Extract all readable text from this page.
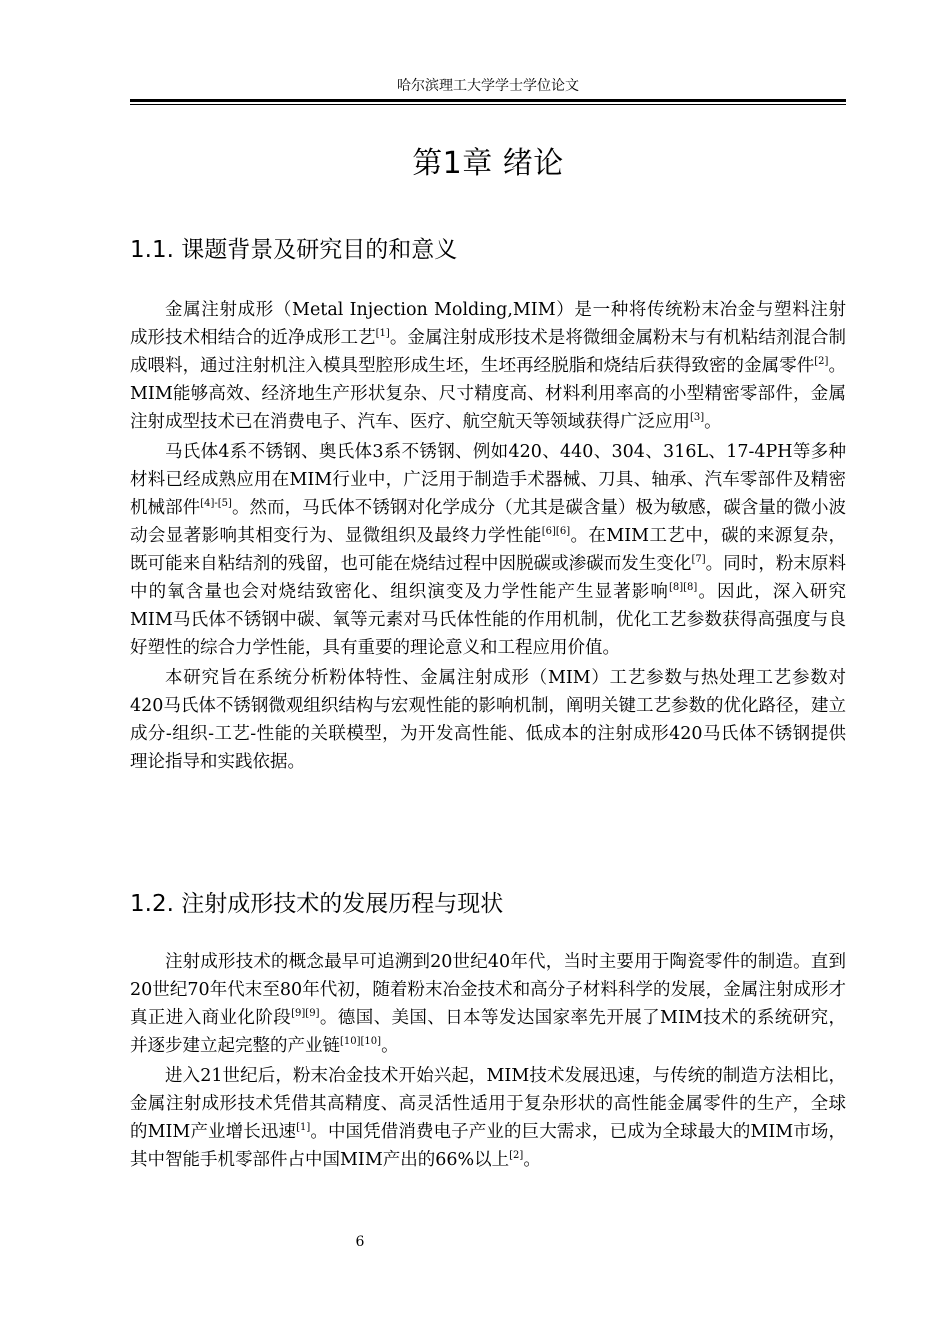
哈尔滨理工大学学士学位论文
第1章 绪论
1.1. 课题背景及研究目的和意义

金属注射成形（Metal Injection Molding,MIM）是一种将传统粉末冶金与塑料注射成形技术相结合的近净成形工艺[1]。金属注射成形技术是将微细金属粉末与有机粘结剂混合制成喂料，通过注射机注入模具型腔形成生坯，生坯再经脱脂和烧结后获得致密的金属零件[2]。MIM能够高效、经济地生产形状复杂、尺寸精度高、材料利用率高的小型精密零部件，金属注射成型技术已在消费电子、汽车、医疗、航空航天等领域获得广泛应用[3]。

马氏体4系不锈钢、奥氏体3系不锈钢、例如420、440、304、316L、17-4PH等多种材料已经成熟应用在MIM行业中，广泛用于制造手术器械、刀具、轴承、汽车零部件及精密机械部件[4]-[5]。然而，马氏体不锈钢对化学成分（尤其是碳含量）极为敏感，碳含量的微小波动会显著影响其相变行为、显微组织及最终力学性能[6][6]。在MIM工艺中，碳的来源复杂，既可能来自粘结剂的残留，也可能在烧结过程中因脱碳或渗碳而发生变化[7]。同时，粉末原料中的氧含量也会对烧结致密化、组织演变及力学性能产生显著影响[8][8]。因此，深入研究MIM马氏体不锈钢中碳、氧等元素对马氏体性能的作用机制，优化工艺参数获得高强度与良好塑性的综合力学性能，具有重要的理论意义和工程应用价值。

本研究旨在系统分析粉体特性、金属注射成形（MIM）工艺参数与热处理工艺参数对420马氏体不锈钢微观组织结构与宏观性能的影响机制，阐明关键工艺参数的优化路径，建立成分-组织-工艺-性能的关联模型，为开发高性能、低成本的注射成形420马氏体不锈钢提供理论指导和实践依据。

1.2. 注射成形技术的发展历程与现状

注射成形技术的概念最早可追溯到20世纪40年代，当时主要用于陶瓷零件的制造。直到20世纪70年代末至80年代初，随着粉末冶金技术和高分子材料科学的发展，金属注射成形才真正进入商业化阶段[9][9]。德国、美国、日本等发达国家率先开展了MIM技术的系统研究，并逐步建立起完整的产业链[10][10]。

进入21世纪后，粉末冶金技术开始兴起，MIM技术发展迅速，与传统的制造方法相比，金属注射成形技术凭借其高精度、高灵活性适用于复杂形状的高性能金属零件的生产，全球的MIM产业增长迅速[1]。中国凭借消费电子产业的巨大需求，已成为全球最大的MIM市场，其中智能手机零部件占中国MIM产出的66%以上[2]。

6
